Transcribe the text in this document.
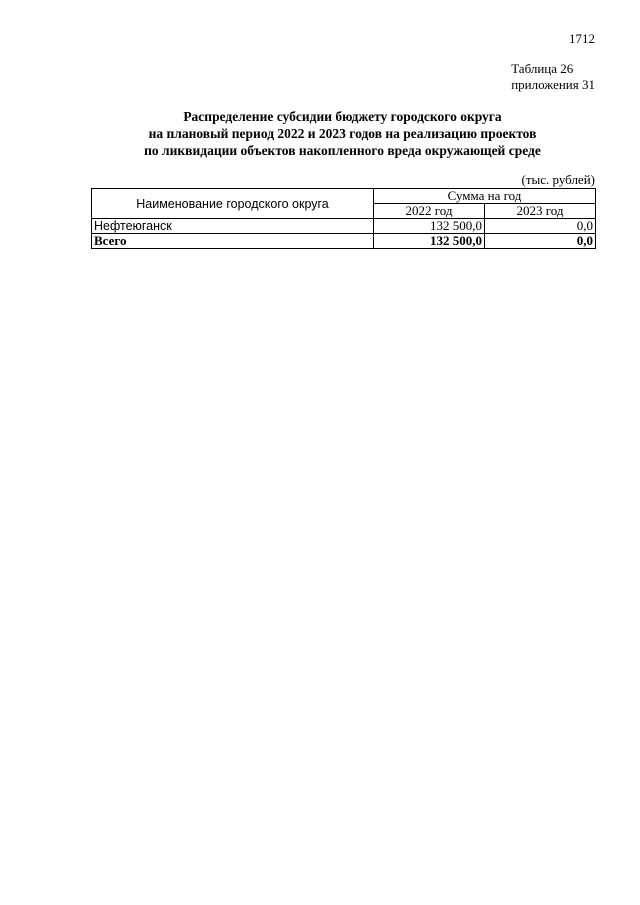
1712
Таблица 26
приложения 31
Распределение субсидии бюджету городского округа
на плановый период 2022 и 2023 годов на реализацию проектов
по ликвидации объектов накопленного вреда окружающей среде
(тыс. рублей)
Наименование городского округа	Сумма на год	
	2022 год	2023 год
Нефтеюганск	132 500,0	0,0
Всего	132 500,0	0,0
